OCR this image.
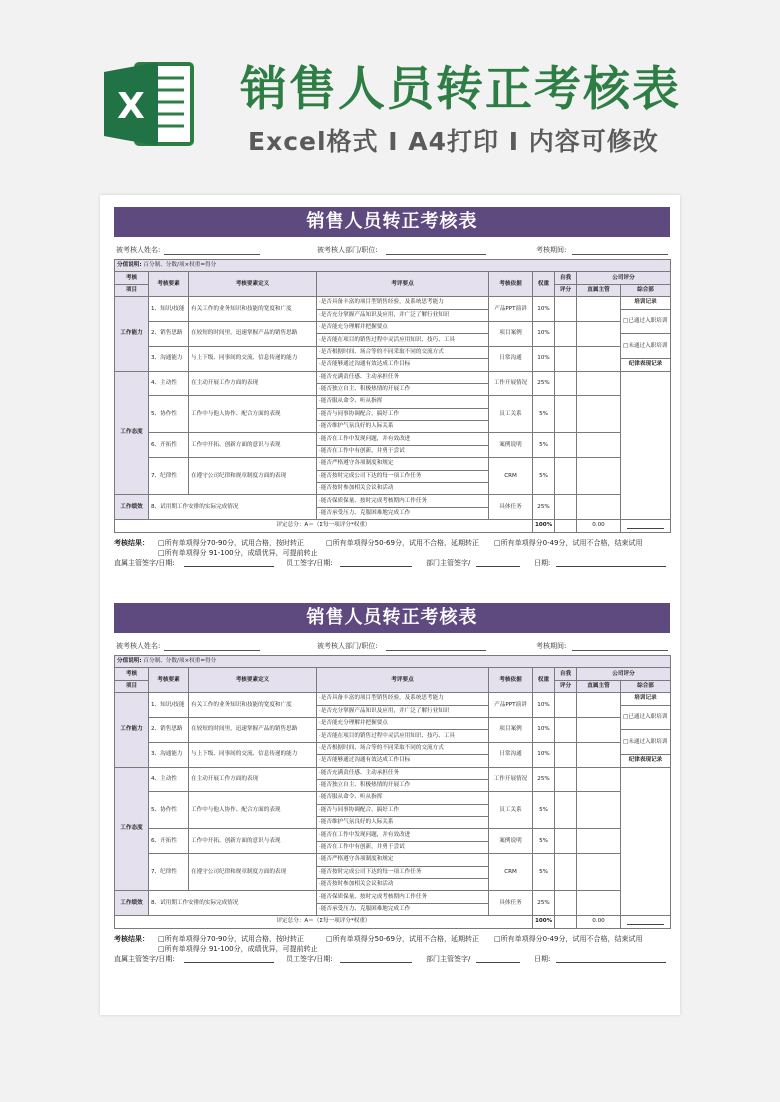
X 销售人员转正考核表
Excel格式 I A4打印 I 内容可修改
销售人员转正考核表
被考核人姓名:	被考核人部门/职位:	考核期间:
分值说明: 百分制、分数/项×权重=得分								
考核	考核要素	考核要素定义	考评要点	考核依据	权重	自我	公司评分	
项目						评分	直属主管	综合部
工作能力	1、知识/技能	有关工作的业务知识和技能的宽度和广度	·是否具备丰富的项目型销售经验，及系统思考能力	产品PPT演讲	10%			培训记录
			·是否充分掌握产品知识及应用，并广泛了解行业知识					□已通过入职培训
	2、销售思路	在较短的时间里，迅速掌握产品的销售思路	·是否能充分理解并把握要点	项目案例	10%			
			·是否能在项目的销售过程中灵活应用知识、技巧、工具					□未通过入职培训
	3、沟通能力	与上下级、同事间的交流、信息传递的能力	·是否根据时间、场合等的不同采取不同的交流方式	日常沟通	10%			
			·是否能够通过沟通有效达成工作目标					纪律表现记录
工作态度	4、主动性	在主动开展工作方面的表现	·能否充满责任感、主动承担任务	工作开展情况	25%			
			·能否独立自主、积极热情的开展工作					
	5、协作性	工作中与他人协作、配合方面的表现	·能否服从命令、听从指挥	员工关系	5%			
			·能否与同事协调配合，搞好工作					
			·能否维护气氛良好的人际关系					
	6、开拓性	工作中开拓、创新方面的意识与表现	·能否在工作中发现问题，并有效改进	案例说明	5%			
			·能否在工作中有创新，并勇于尝试					
	7、纪律性	在遵守公司纪律和规章制度方面的表现	·能否严格遵守各项制度和规定	CRM	5%			
			·能否按时完成公司下达的每一项工作任务					
			·能否按时参加相关会议和活动					
工作绩效	8、试用期工作安排的实际完成情况		·能否保质保量、按时完成考核期内工作任务	具体任务	25%			
			·能否承受压力、克服困难地完成工作					
评定总分：A＝（Σ每一项评分*权重）					100%		0.00	
考核结果： □所有单项得分70-90分，试用合格，按时转正	□所有单项得分50-69分，试用不合格，延期转正 □所有单项得分0-49分，试用不合格，结束试用
□所有单项得分 91-100分，成绩优异，可提前转止
直属主管签字/日期:	员工签字/日期:	部门主管签字/	日期:
销售人员转正考核表
被考核人姓名:	被考核人部门/职位:	考核期间:
分值说明: 百分制、分数/项×权重=得分								
考核	考核要素	考核要素定义	考评要点	考核依据	权重	自我	公司评分	
项目						评分	直属主管	综合部
工作能力	1、知识/技能	有关工作的业务知识和技能的宽度和广度	·是否具备丰富的项目型销售经验，及系统思考能力	产品PPT演讲	10%			培训记录
			·是否充分掌握产品知识及应用，并广泛了解行业知识					□已通过入职培训
	2、销售思路	在较短的时间里，迅速掌握产品的销售思路	·是否能充分理解并把握要点	项目案例	10%			
			·是否能在项目的销售过程中灵活应用知识、技巧、工具					□未通过入职培训
	3、沟通能力	与上下级、同事间的交流、信息传递的能力	·是否根据时间、场合等的不同采取不同的交流方式	日常沟通	10%			
			·是否能够通过沟通有效达成工作目标					纪律表现记录
工作态度	4、主动性	在主动开展工作方面的表现	·能否充满责任感、主动承担任务	工作开展情况	25%			
			·能否独立自主、积极热情的开展工作					
	5、协作性	工作中与他人协作、配合方面的表现	·能否服从命令、听从指挥	员工关系	5%			
			·能否与同事协调配合，搞好工作					
			·能否维护气氛良好的人际关系					
	6、开拓性	工作中开拓、创新方面的意识与表现	·能否在工作中发现问题，并有效改进	案例说明	5%			
			·能否在工作中有创新，并勇于尝试					
	7、纪律性	在遵守公司纪律和规章制度方面的表现	·能否严格遵守各项制度和规定	CRM	5%			
			·能否按时完成公司下达的每一项工作任务					
			·能否按时参加相关会议和活动					
工作绩效	8、试用期工作安排的实际完成情况		·能否保质保量、按时完成考核期内工作任务	具体任务	25%			
			·能否承受压力、克服困难地完成工作					
评定总分：A＝（Σ每一项评分*权重）					100%		0.00	
考核结果： □所有单项得分70-90分，试用合格，按时转正	□所有单项得分50-69分，试用不合格，延期转正 □所有单项得分0-49分，试用不合格，结束试用
□所有单项得分 91-100分，成绩优异，可提前转止
直属主管签字/日期:	员工签字/日期:	部门主管签字/	日期:
